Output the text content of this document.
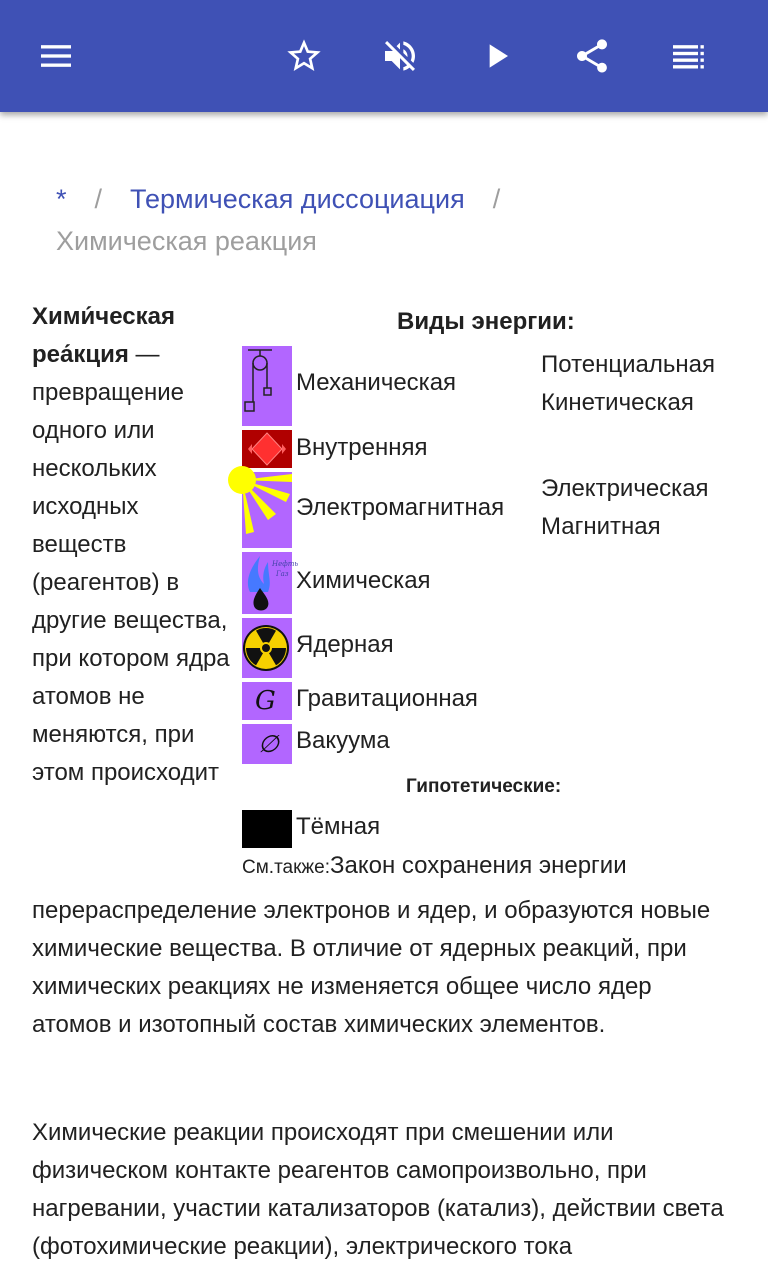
* / Термическая диссоциация /
Химическая реакция
Хими́ческая
реа́кция — превращение одного или нескольких исходных веществ (реагентов) в другие вещества, при котором ядра атомов не меняются, при этом происходит
Виды энергии:
Механическая
Потенциальная
Кинетическая
Внутренняя
Электромагнитная
Электрическая
Магнитная
Нефть
Газ Химическая
Ядерная
G Гравитационная
∅ Вакуума
Гипотетические:
Тёмная
См.также:Закон сохранения энергии
перераспределение электронов и ядер, и образуются новые химические вещества. В отличие от ядерных реакций, при химических реакциях не изменяется общее число ядер атомов и изотопный состав химических элементов.
Химические реакции происходят при смешении или физическом контакте реагентов самопроизвольно, при нагревании, участии катализаторов (катализ), действии света (фотохимические реакции), электрического тока
